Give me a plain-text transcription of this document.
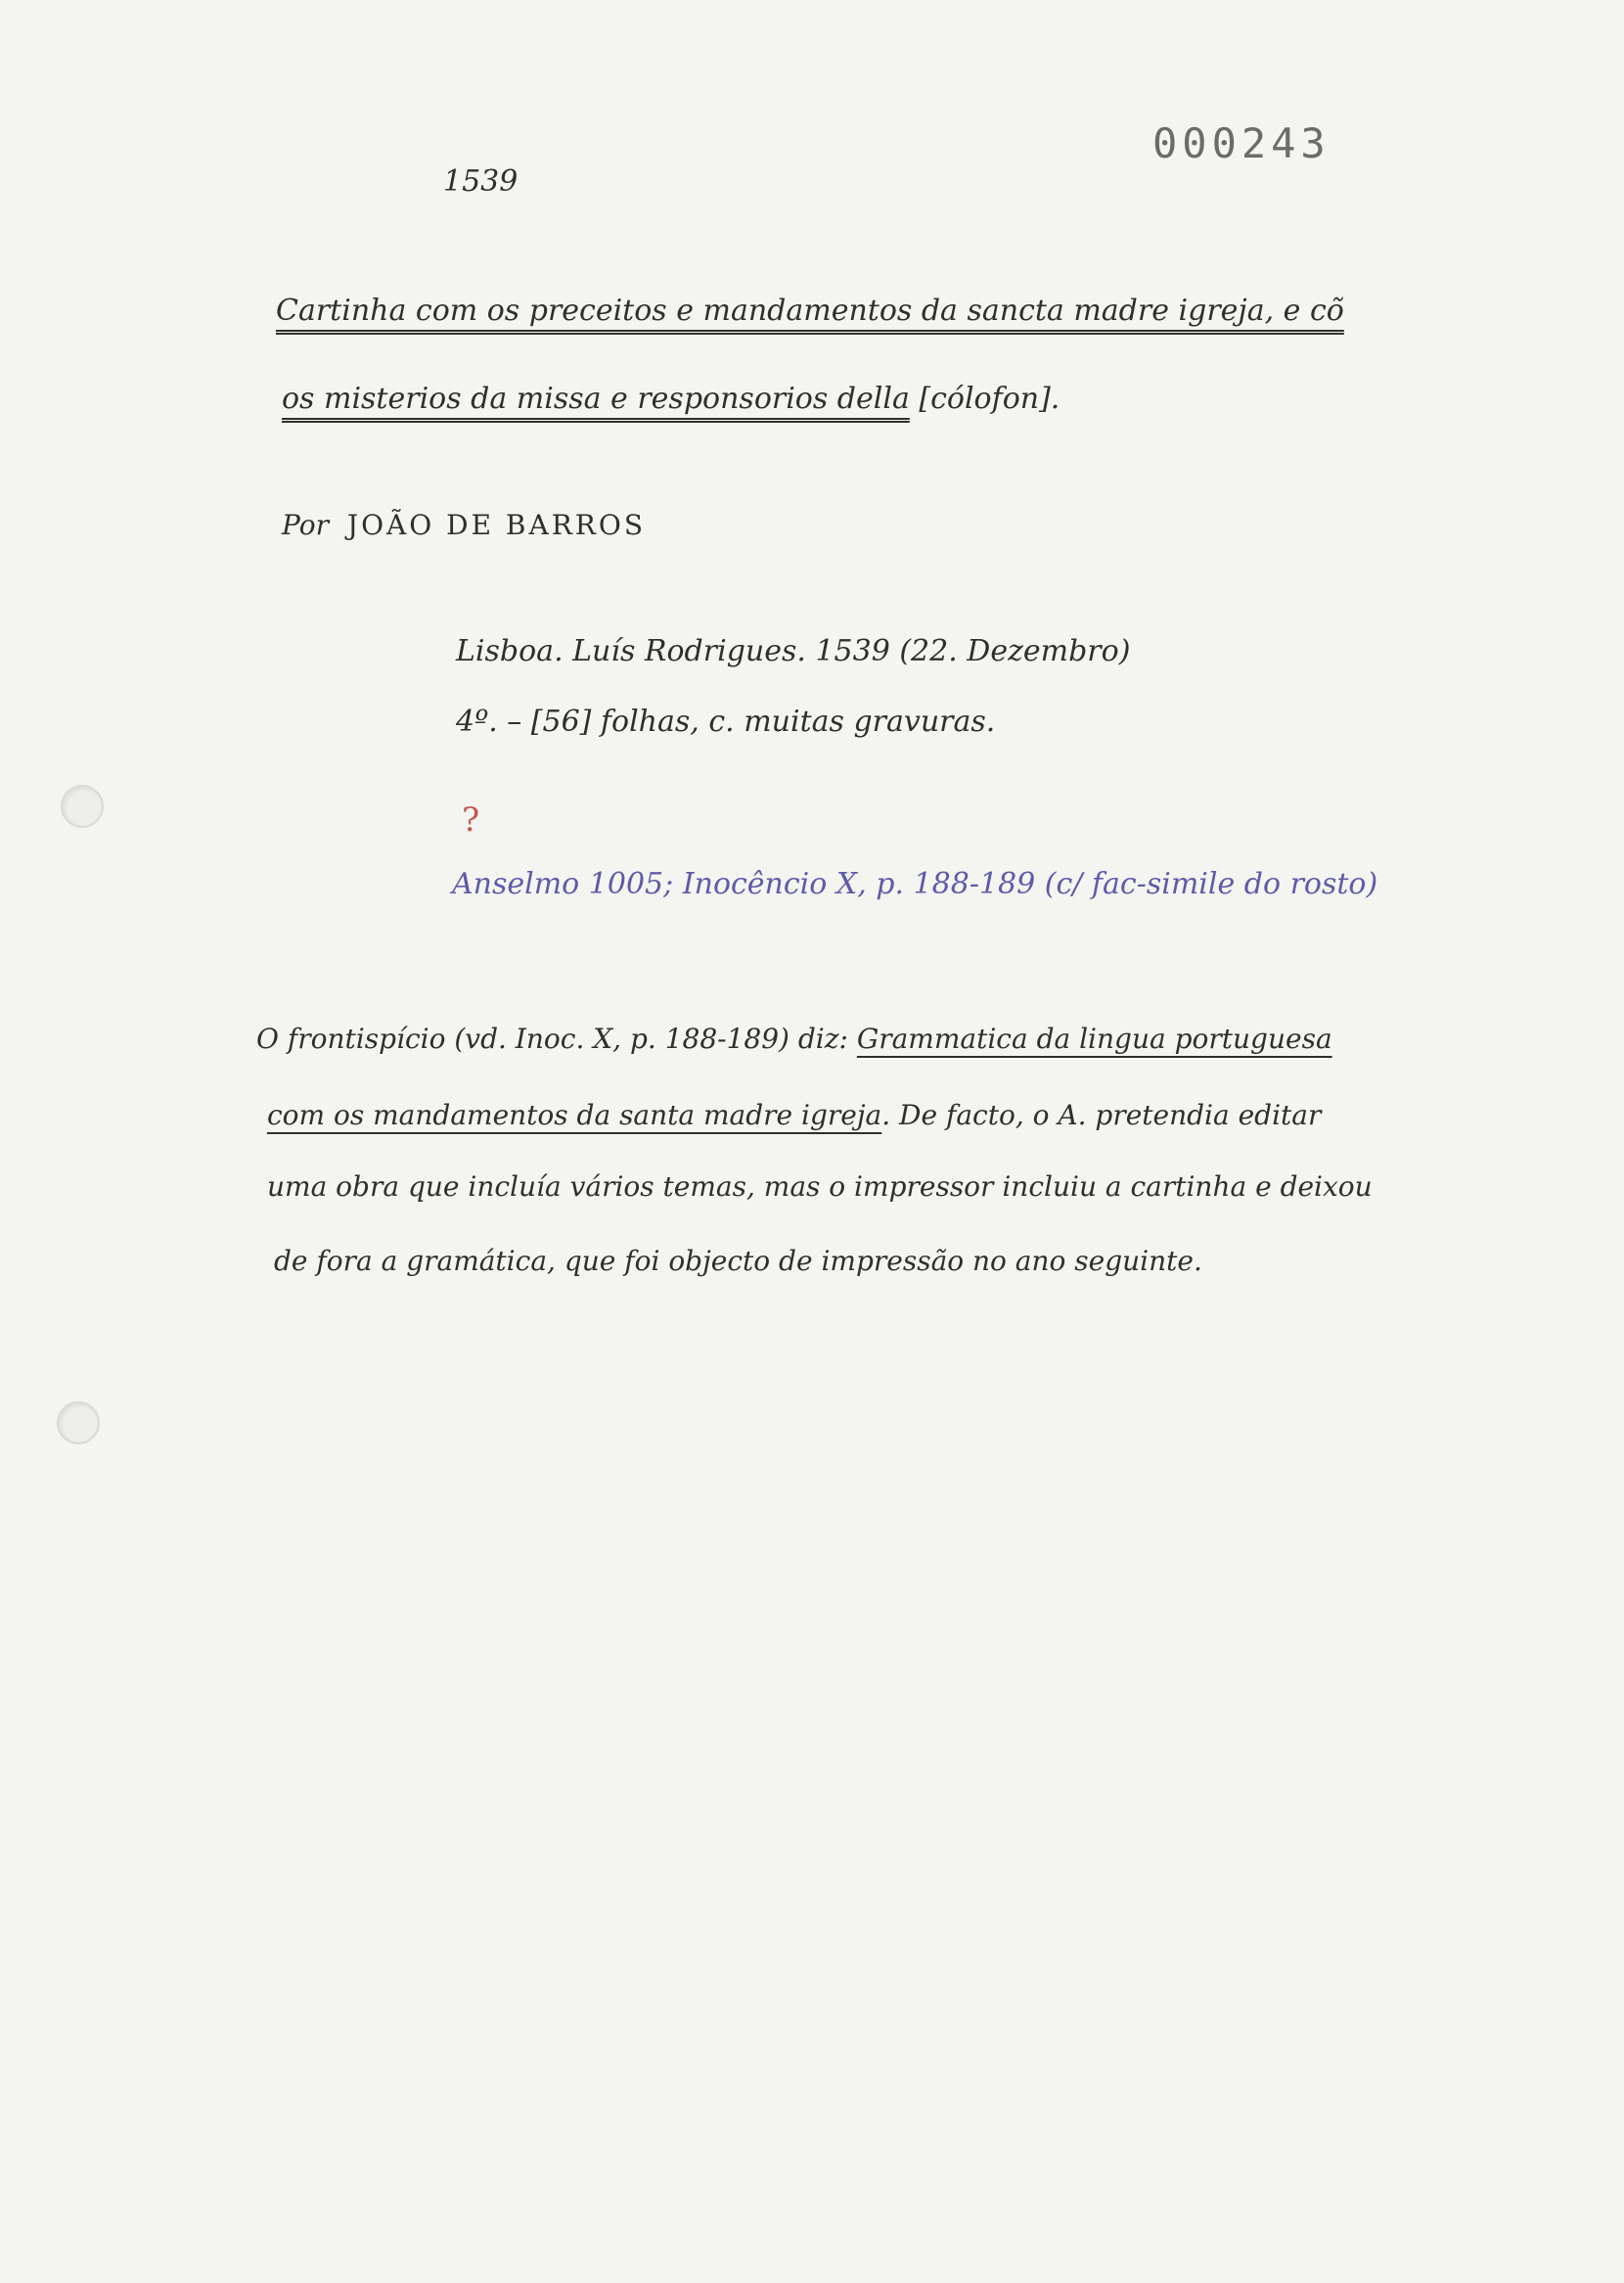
000243
1539
Cartinha com os preceitos e mandamentos da sancta madre igreja, e cõ
os misterios da missa e responsorios della [cólofon].
Por JOÃO DE BARROS
Lisboa. Luís Rodrigues. 1539 (22. Dezembro)
4º. – [56] folhas, c. muitas gravuras.
?
Anselmo 1005; Inocêncio X, p. 188-189 (c/ fac-simile do rosto)
O frontispício (vd. Inoc. X, p. 188-189) diz: Grammatica da lingua portuguesa
com os mandamentos da santa madre igreja. De facto, o A. pretendia editar
uma obra que incluía vários temas, mas o impressor incluiu a cartinha e deixou
de fora a gramática, que foi objecto de impressão no ano seguinte.
